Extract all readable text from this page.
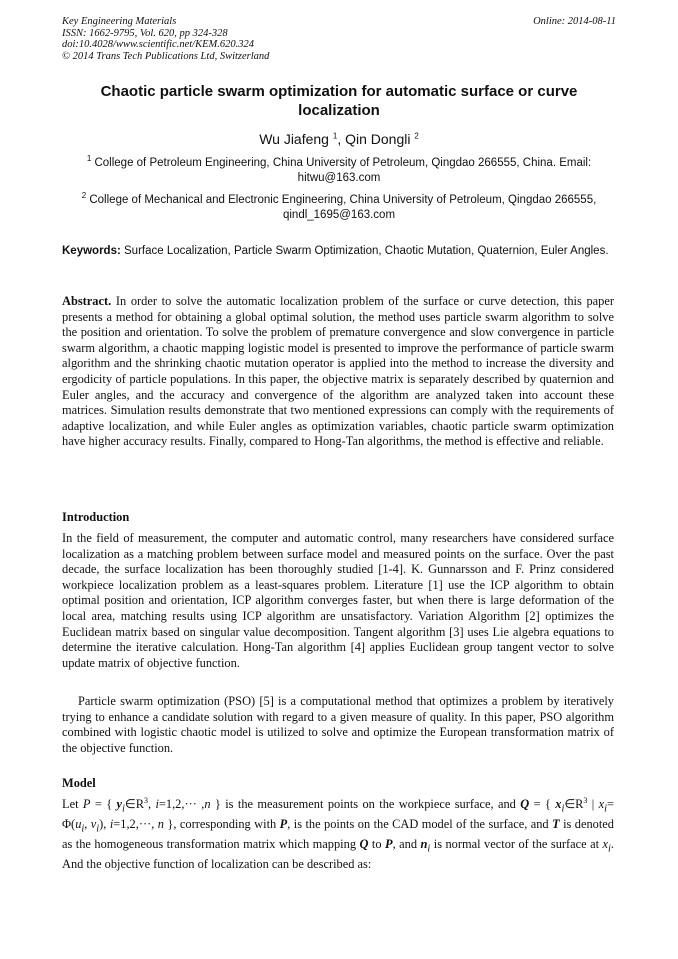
Key Engineering Materials
ISSN: 1662-9795, Vol. 620, pp 324-328
doi:10.4028/www.scientific.net/KEM.620.324
© 2014 Trans Tech Publications Ltd, Switzerland
Online: 2014-08-11
Chaotic particle swarm optimization for automatic surface or curve localization
Wu Jiafeng $^1$, Qin Dongli $^2$
$^1$ College of Petroleum Engineering, China University of Petroleum, Qingdao 266555, China. Email: hitwu@163.com
$^2$ College of Mechanical and Electronic Engineering, China University of Petroleum, Qingdao 266555, qindl_1695@163.com
Keywords: Surface Localization, Particle Swarm Optimization, Chaotic Mutation, Quaternion, Euler Angles.
Abstract. In order to solve the automatic localization problem of the surface or curve detection, this paper presents a method for obtaining a global optimal solution, the method uses particle swarm algorithm to solve the position and orientation. To solve the problem of premature convergence and slow convergence in particle swarm algorithm, a chaotic mapping logistic model is presented to improve the performance of particle swarm algorithm and the shrinking chaotic mutation operator is applied into the method to increase the diversity and ergodicity of particle populations. In this paper, the objective matrix is separately described by quaternion and Euler angles, and the accuracy and convergence of the algorithm are analyzed taken into account these matrices. Simulation results demonstrate that two mentioned expressions can comply with the requirements of adaptive localization, and while Euler angles as optimization variables, chaotic particle swarm optimization have higher accuracy results. Finally, compared to Hong-Tan algorithms, the method is effective and reliable.
Introduction
In the field of measurement, the computer and automatic control, many researchers have considered surface localization as a matching problem between surface model and measured points on the surface. Over the past decade, the surface localization has been thoroughly studied [1-4]. K. Gunnarsson and F. Prinz considered workpiece localization problem as a least-squares problem. Literature [1] use the ICP algorithm to obtain optimal position and orientation, ICP algorithm converges faster, but when there is large deformation of the local area, matching results using ICP algorithm are unsatisfactory. Variation Algorithm [2] optimizes the Euclidean matrix based on singular value decomposition. Tangent algorithm [3] uses Lie algebra equations to determine the iterative calculation. Hong-Tan algorithm [4] applies Euclidean group tangent vector to solve update matrix of objective function.
Particle swarm optimization (PSO) [5] is a computational method that optimizes a problem by iteratively trying to enhance a candidate solution with regard to a given measure of quality. In this paper, PSO algorithm combined with logistic chaotic model is utilized to solve and optimize the European transformation matrix of the objective function.
Model
Let P = { $y_i\in R^3$, i=1,2,··· ,n } is the measurement points on the workpiece surface, and Q = { $x_i\in R^3$ | $x_i= \Phi(u_i$, $v_i$), i=1,2,···, n }, corresponding with P, is the points on the CAD model of the surface, and T is denoted as the homogeneous transformation matrix which mapping Q to P, and $n_i$ is normal vector of the surface at $x_i$. And the objective function of localization can be described as:
